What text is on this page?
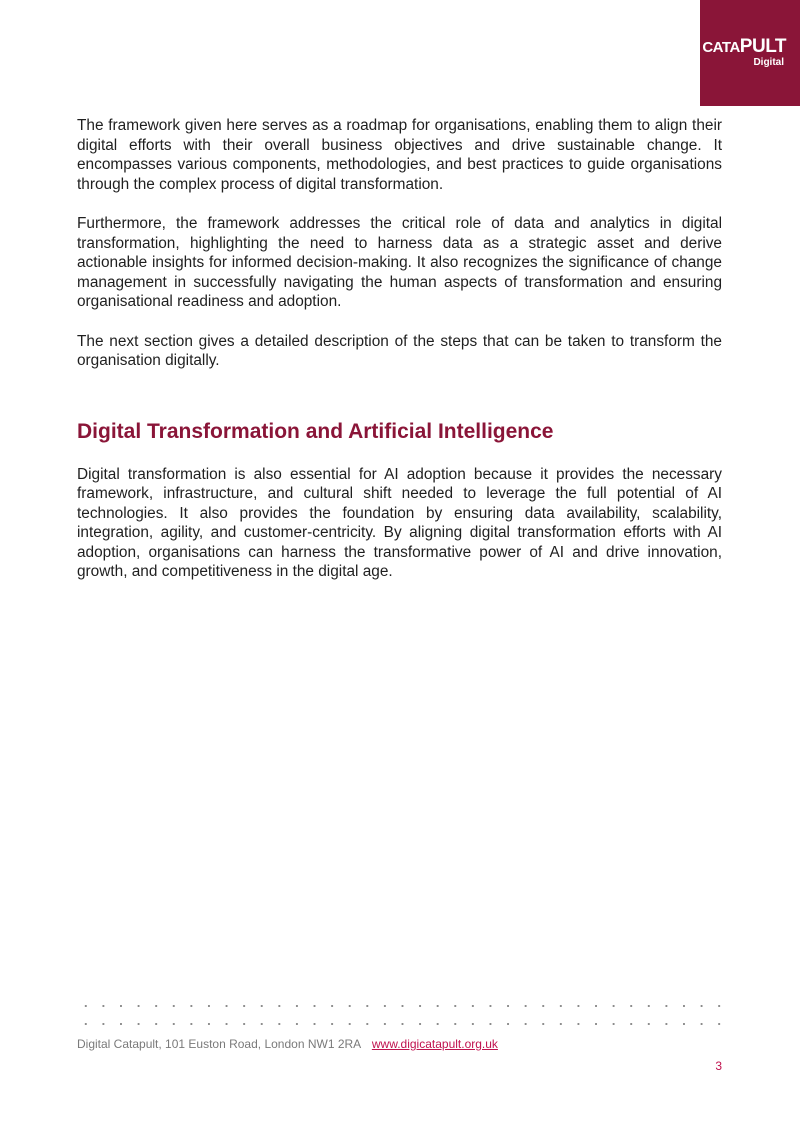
CATAPULT
Digital

The framework given here serves as a roadmap for organisations, enabling them to align their digital efforts with their overall business objectives and drive sustainable change. It encompasses various components, methodologies, and best practices to guide organisations through the complex process of digital transformation.

Furthermore, the framework addresses the critical role of data and analytics in digital transformation, highlighting the need to harness data as a strategic asset and derive actionable insights for informed decision-making. It also recognizes the significance of change management in successfully navigating the human aspects of transformation and ensuring organisational readiness and adoption.

The next section gives a detailed description of the steps that can be taken to transform the organisation digitally.

Digital Transformation and Artificial Intelligence

Digital transformation is also essential for AI adoption because it provides the necessary framework, infrastructure, and cultural shift needed to leverage the full potential of AI technologies. It also provides the foundation by ensuring data availability, scalability, integration, agility, and customer-centricity. By aligning digital transformation efforts with AI adoption, organisations can harness the transformative power of AI and drive innovation, growth, and competitiveness in the digital age.

Digital Catapult, 101 Euston Road, London NW1 2RA www.digicatapult.org.uk
3
